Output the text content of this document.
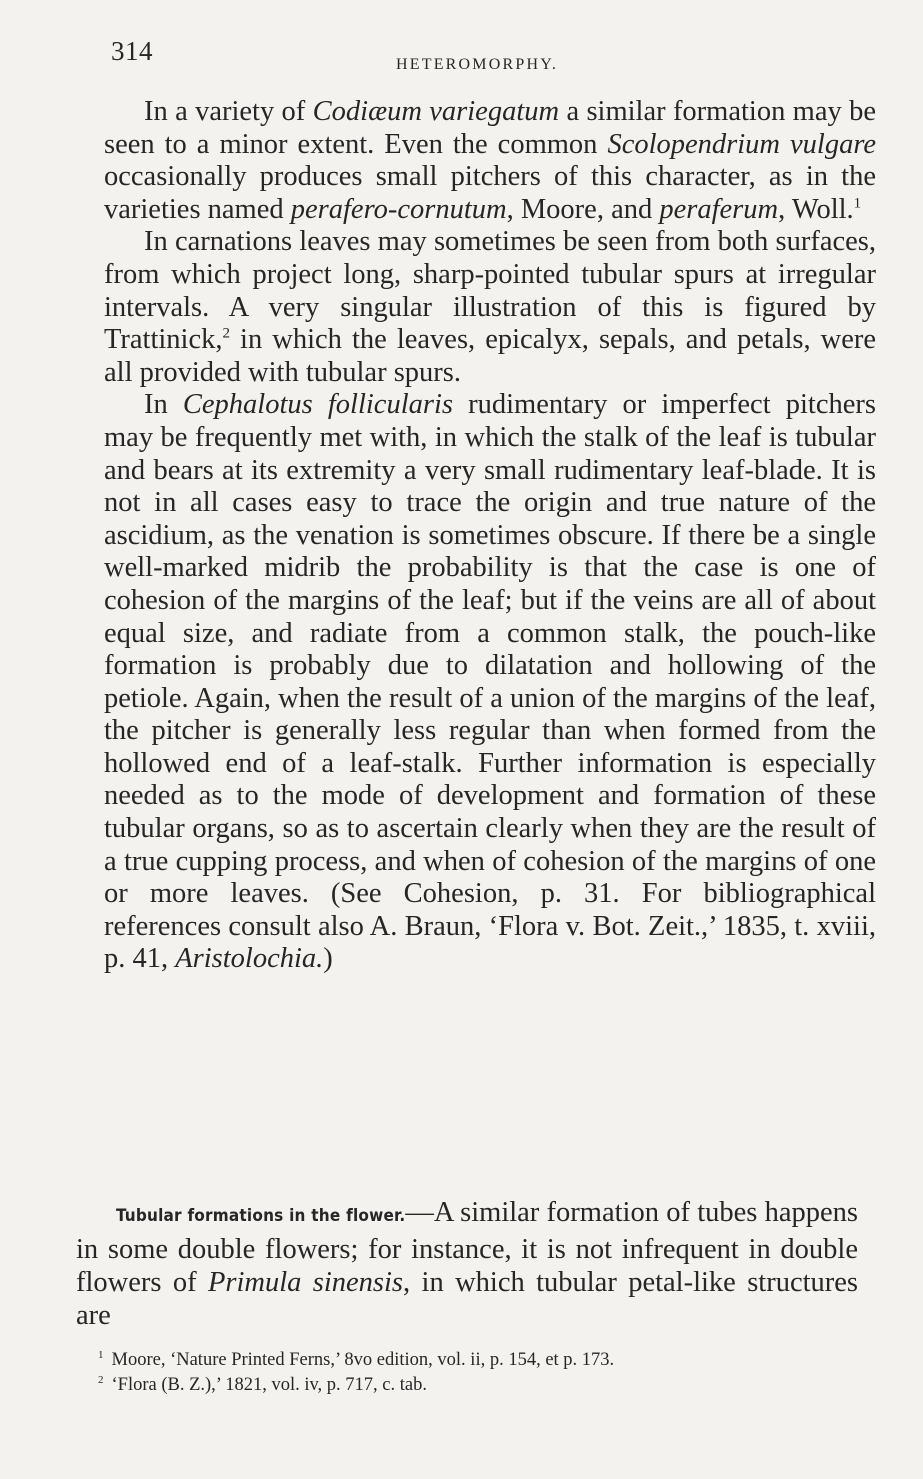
314	HETEROMORPHY.

In a variety of Codiæum variegatum a similar formation may be seen to a minor extent. Even the common Scolopendrium vulgare occasionally produces small pitchers of this character, as in the varieties named perafero-cornutum, Moore, and peraferum, Woll.$^1$

In carnations leaves may sometimes be seen from both surfaces, from which project long, sharp-pointed tubular spurs at irregular intervals. A very singular illustration of this is figured by Trattinick,$^2$ in which the leaves, epicalyx, sepals, and petals, were all provided with tubular spurs.

In Cephalotus follicularis rudimentary or imperfect pitchers may be frequently met with, in which the stalk of the leaf is tubular and bears at its extremity a very small rudimentary leaf-blade. It is not in all cases easy to trace the origin and true nature of the ascidium, as the venation is sometimes obscure. If there be a single well-marked midrib the probability is that the case is one of cohesion of the margins of the leaf; but if the veins are all of about equal size, and radiate from a common stalk, the pouch-like formation is probably due to dilatation and hollowing of the petiole. Again, when the result of a union of the margins of the leaf, the pitcher is generally less regular than when formed from the hollowed end of a leaf-stalk. Further information is especially needed as to the mode of development and formation of these tubular organs, so as to ascertain clearly when they are the result of a true cupping process, and when of cohesion of the margins of one or more leaves. (See Cohesion, p. 31. For bibliographical references consult also A. Braun, ‘Flora v. Bot. Zeit.,’ 1835, t. xviii, p. 41, Aristolochia.)

Tubular formations in the flower.—A similar formation of tubes happens in some double flowers; for instance, it is not infrequent in double flowers of Primula sinensis, in which tubular petal-like structures are

$^1$ Moore, ‘Nature Printed Ferns,’ 8vo edition, vol. ii, p. 154, et p. 173.
$^2$ ‘Flora (B. Z.),’ 1821, vol. iv, p. 717, c. tab.
